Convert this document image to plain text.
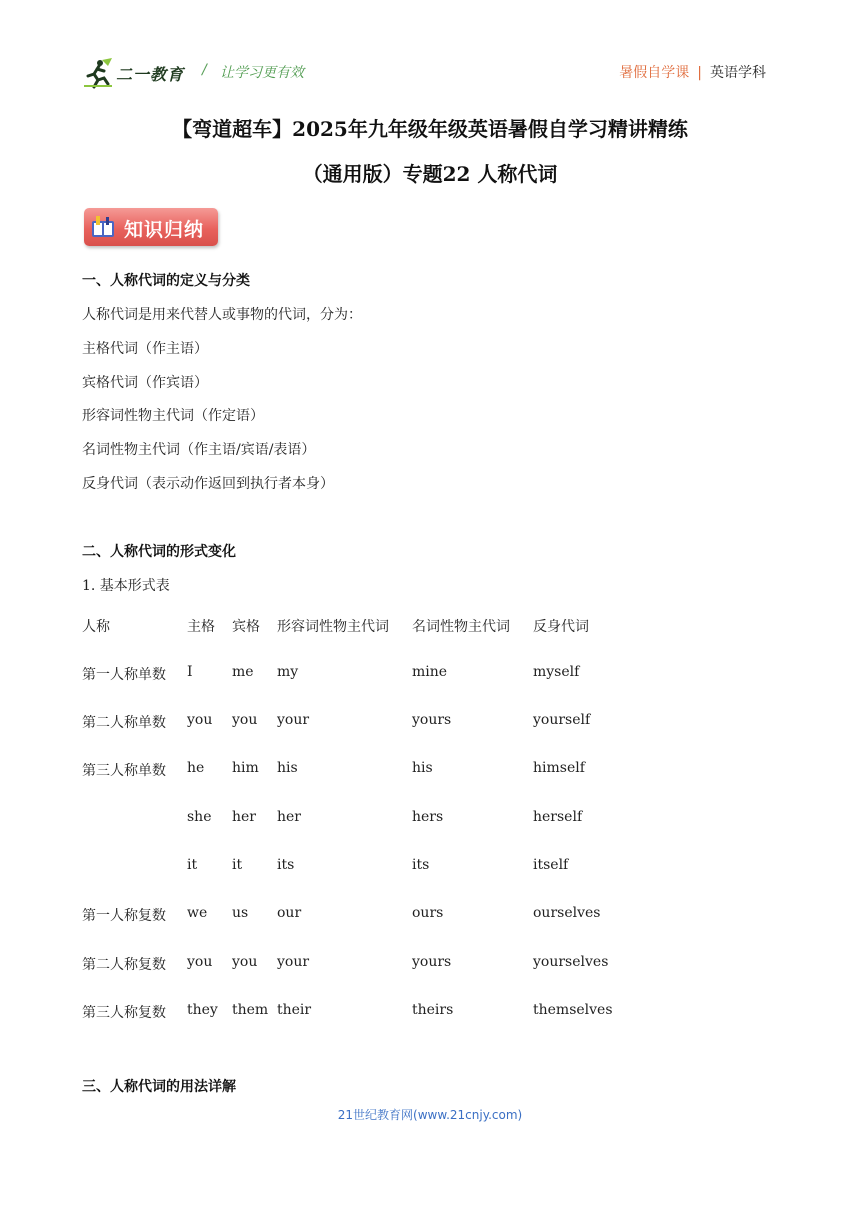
二一教育 / 让学习更有效	暑假自学课 | 英语学科
【弯道超车】2025年九年级年级英语暑假自学习精讲精练
（通用版）专题22 人称代词
知识归纳
一、人称代词的定义与分类
人称代词是用来代替人或事物的代词，分为：
主格代词（作主语）
宾格代词（作宾语）
形容词性物主代词（作定语）
名词性物主代词（作主语/宾语/表语）
反身代词（表示动作返回到执行者本身）
二、人称代词的形式变化
1. 基本形式表
人称	主格 宾格 形容词性物主代词 名词性物主代词 反身代词
第一人称单数 I	me my	mine	myself
第二人称单数 you you your	yours	yourself
第三人称单数 he him his	his	himself
she her her	hers	herself
it it its	its	itself
第一人称复数 we us our	ours	ourselves
第二人称复数 you you your	yours	yourselves
第三人称复数 they them their	theirs	themselves
三、人称代词的用法详解
21世纪教育网(www.21cnjy.com)
